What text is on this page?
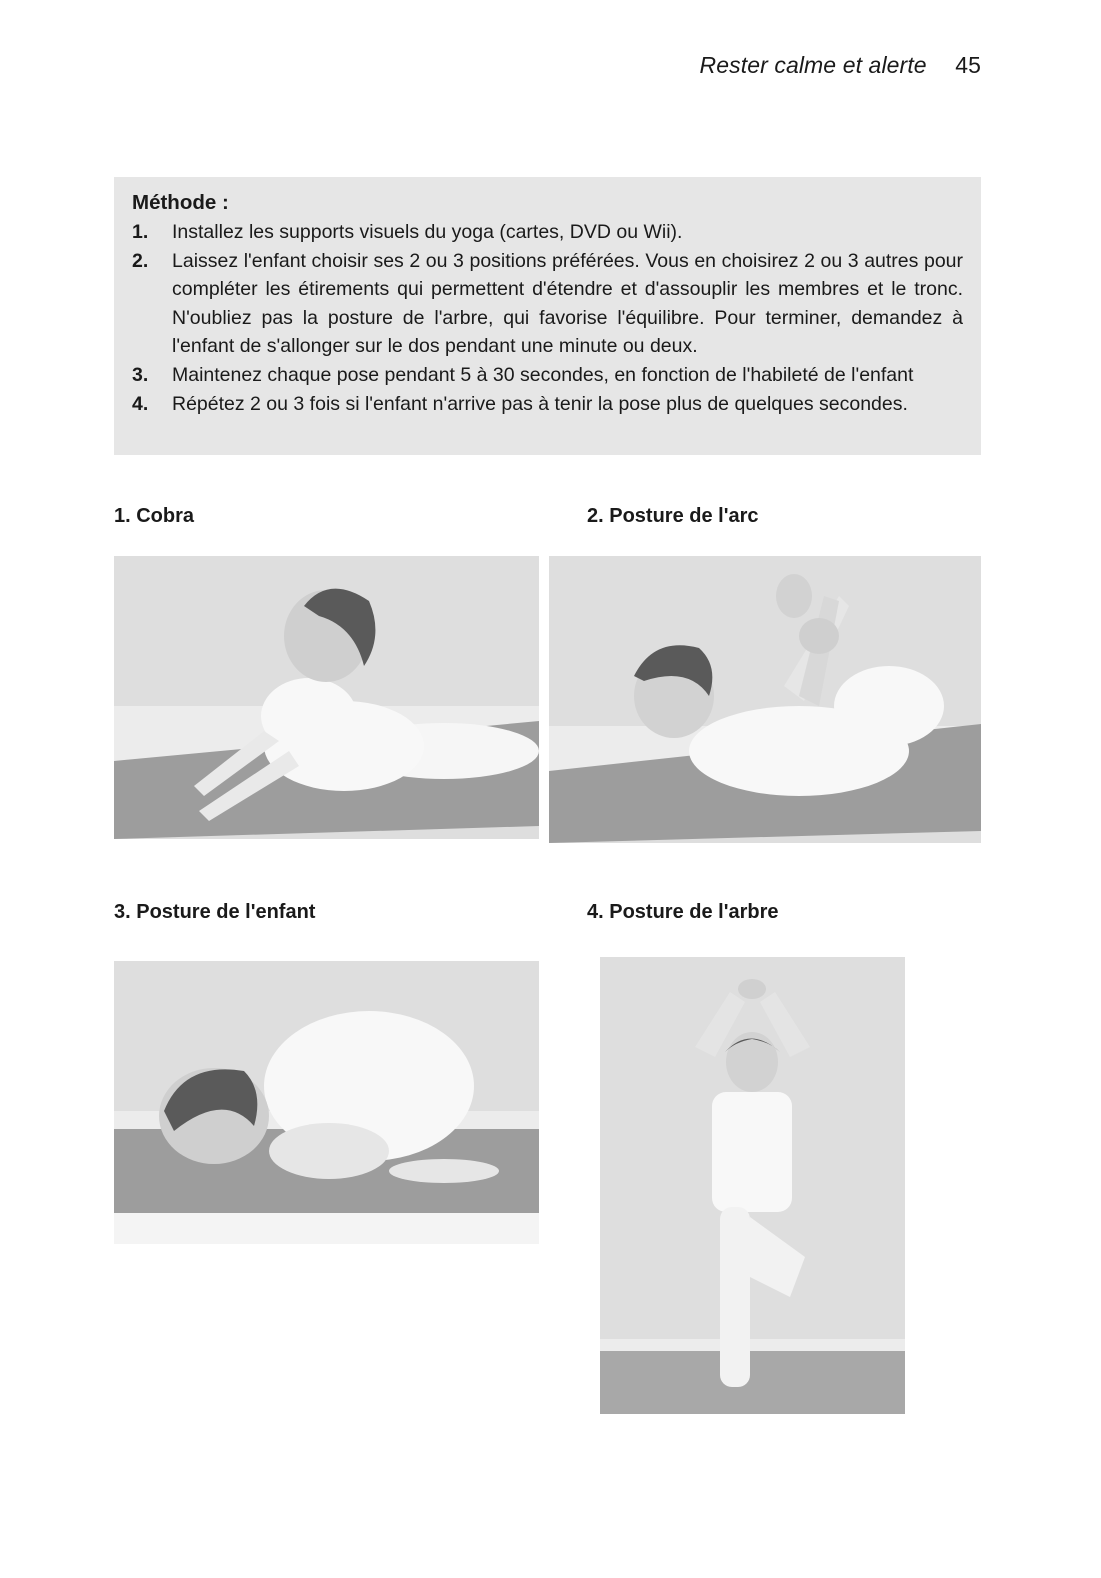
Rester calme et alerte 45
Méthode :
1.	Installez les supports visuels du yoga (cartes, DVD ou Wii).
2.	Laissez l'enfant choisir ses 2 ou 3 positions préférées. Vous en choisirez 2 ou 3 autres pour compléter les étirements qui permettent d'étendre et d'assouplir les membres et le tronc. N'oubliez pas la posture de l'arbre, qui favorise l'équilibre. Pour terminer, demandez à l'enfant de s'allonger sur le dos pendant une minute ou deux.
3.	Maintenez chaque pose pendant 5 à 30 secondes, en fonction de l'habileté de l'enfant
4.	Répétez 2 ou 3 fois si l'enfant n'arrive pas à tenir la pose plus de quelques secondes.
1. Cobra	2. Posture de l'arc
3. Posture de l'enfant	4. Posture de l'arbre
